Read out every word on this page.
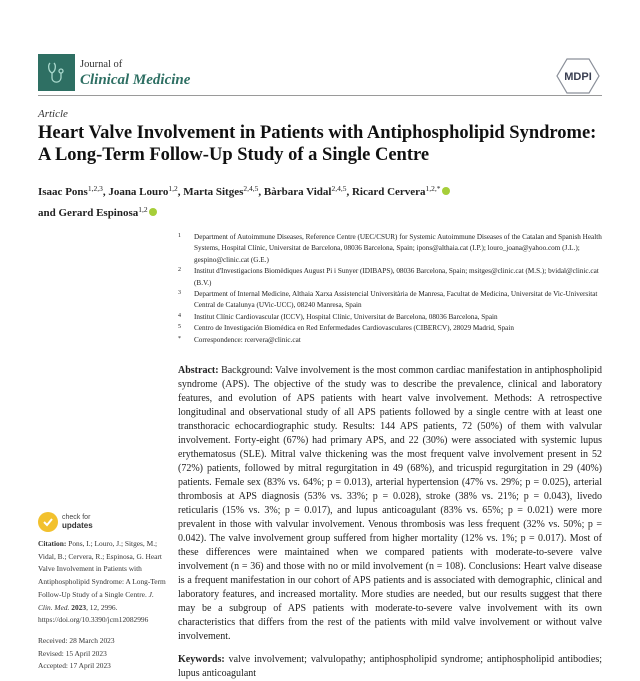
Journal of
Clinical Medicine	MDPI
Article
Heart Valve Involvement in Patients with Antiphospholipid Syndrome: A Long-Term Follow-Up Study of a Single Centre
Isaac Pons$^{1,2,3}$, Joana Louro$^{1,2}$, Marta Sitges$^{2,4,5}$, Bàrbara Vidal$^{2,4,5}$, Ricard Cervera$^{1,2,*}$
and Gerard Espinosa$^{1,2}$
1 Department of Autoimmune Diseases, Reference Centre (UEC/CSUR) for Systemic Autoimmune Diseases of the Catalan and Spanish Health Systems, Hospital Clínic, Universitat de Barcelona, 08036 Barcelona, Spain; ipons@althaia.cat (I.P.); louro_joana@yahoo.com (J.L.); gespino@clinic.cat (G.E.)
2 Institut d'Investigacions Biomèdiques August Pi i Sunyer (IDIBAPS), 08036 Barcelona, Spain; msitges@clinic.cat (M.S.); bvidal@clinic.cat (B.V.)
3 Department of Internal Medicine, Althaia Xarxa Assistencial Universitària de Manresa, Facultat de Medicina, Universitat de Vic-Universitat Central de Catalunya (UVic-UCC), 08240 Manresa, Spain
4 Institut Clínic Cardiovascular (ICCV), Hospital Clínic, Universitat de Barcelona, 08036 Barcelona, Spain
5 Centro de Investigación Biomédica en Red Enfermedades Cardiovasculares (CIBERCV), 28029 Madrid, Spain
* Correspondence: rcervera@clinic.cat
Abstract: Background: Valve involvement is the most common cardiac manifestation in antiphospholipid syndrome (APS). The objective of the study was to describe the prevalence, clinical and laboratory features, and evolution of APS patients with heart valve involvement. Methods: A retrospective longitudinal and observational study of all APS patients followed by a single centre with at least one transthoracic echocardiographic study. Results: 144 APS patients, 72 (50%) of them with valvular involvement. Forty-eight (67%) had primary APS, and 22 (30%) were associated with systemic lupus erythematosus (SLE). Mitral valve thickening was the most frequent valve involvement present in 52 (72%) patients, followed by mitral regurgitation in 49 (68%), and tricuspid regurgitation in 29 (40%) patients. Female sex (83% vs. 64%; p = 0.013), arterial hypertension (47% vs. 29%; p = 0.025), arterial thrombosis at APS diagnosis (53% vs. 33%; p = 0.028), stroke (38% vs. 21%; p = 0.043), livedo reticularis (15% vs. 3%; p = 0.017), and lupus anticoagulant (83% vs. 65%; p = 0.021) were more prevalent in those with valvular involvement. Venous thrombosis was less frequent (32% vs. 50%; p = 0.042). The valve involvement group suffered from higher mortality (12% vs. 1%; p = 0.017). Most of these differences were maintained when we compared patients with moderate-to-severe valve involvement (n = 36) and those with no or mild involvement (n = 108). Conclusions: Heart valve disease is a frequent manifestation in our cohort of APS patients and is associated with demographic, clinical and laboratory features, and increased mortality. More studies are needed, but our results suggest that there may be a subgroup of APS patients with moderate-to-severe valve involvement with its own characteristics that differs from the rest of the patients with mild valve involvement or without valve involvement.
Keywords: valve involvement; valvulopathy; antiphospholipid syndrome; antiphospholipid antibodies; lupus anticoagulant
check for
updates
Citation: Pons, I.; Louro, J.; Sitges, M.; Vidal, B.; Cervera, R.; Espinosa, G. Heart Valve Involvement in Patients with Antiphospholipid Syndrome: A Long-Term Follow-Up Study of a Single Centre. J. Clin. Med. 2023, 12, 2996. https://doi.org/10.3390/jcm12082996
Received: 28 March 2023
Revised: 15 April 2023
Accepted: 17 April 2023
